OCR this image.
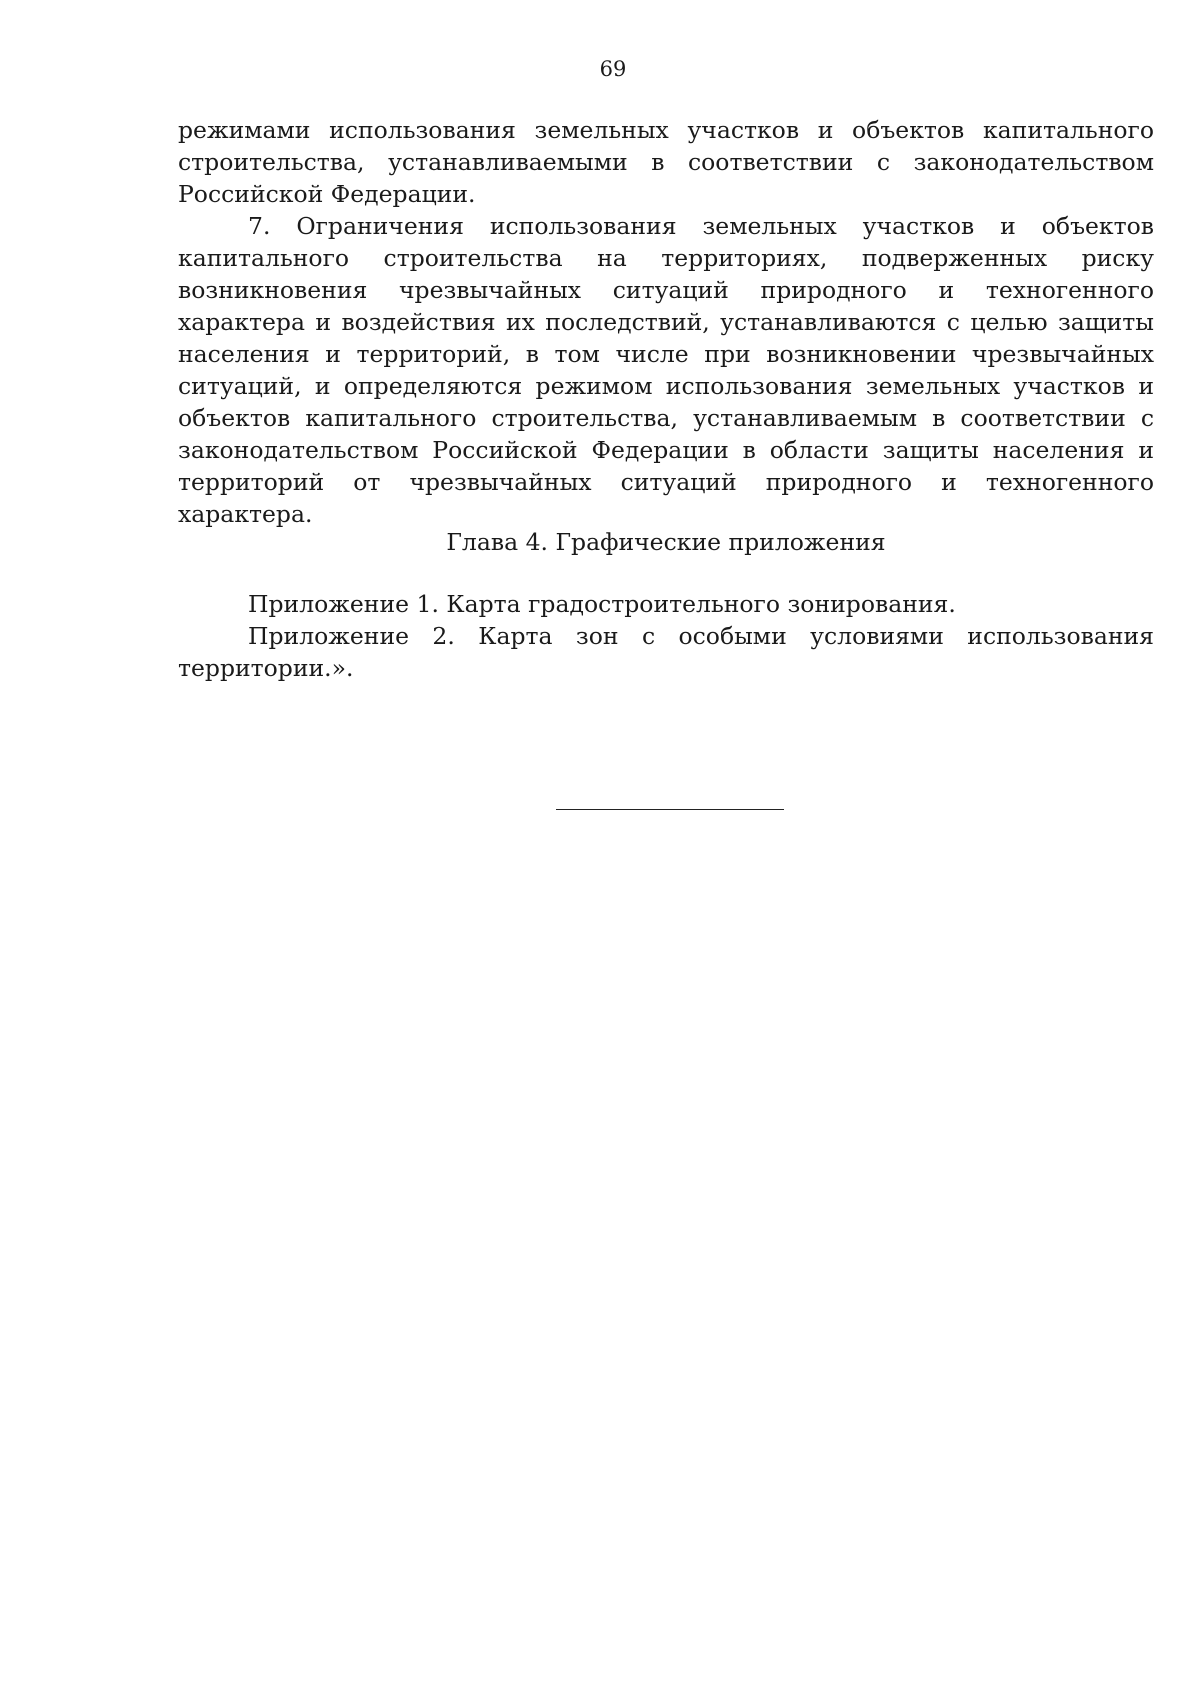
69

режимами использования земельных участков и объектов капитального строительства, устанавливаемыми в соответствии с законодательством Российской Федерации.

7. Ограничения использования земельных участков и объектов капитального строительства на территориях, подверженных риску возникновения чрезвычайных ситуаций природного и техногенного характера и воздействия их последствий, устанавливаются с целью защиты населения и территорий, в том числе при возникновении чрезвычайных ситуаций, и определяются режимом использования земельных участков и объектов капитального строительства, устанавливаемым в соответствии с законодательством Российской Федерации в области защиты населения и территорий от чрезвычайных ситуаций природного и техногенного характера.

Глава 4. Графические приложения

Приложение 1. Карта градостроительного зонирования.

Приложение 2. Карта зон с особыми условиями использования территории.».
